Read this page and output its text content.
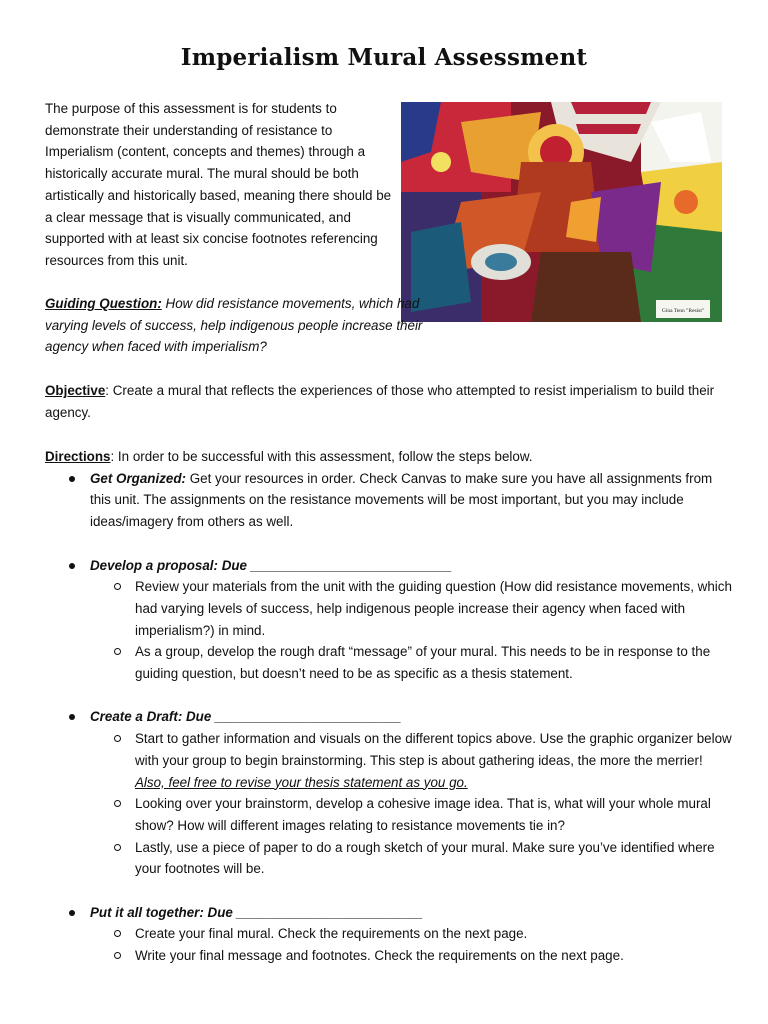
Imperialism Mural Assessment

The purpose of this assessment is for students to demonstrate their understanding of resistance to Imperialism (content, concepts and themes) through a historically accurate mural. The mural should be both artistically and historically based, meaning there should be a clear message that is visually communicated, and supported with at least six concise footnotes referencing resources from this unit.

Gina Tenn "Resist"

Guiding Question: How did resistance movements, which had varying levels of success, help indigenous people increase their agency when faced with imperialism?

Objective: Create a mural that reflects the experiences of those who attempted to resist imperialism to build their agency.

Directions: In order to be successful with this assessment, follow the steps below.
Get Organized: Get your resources in order. Check Canvas to make sure you have all assignments from this unit. The assignments on the resistance movements will be most important, but you may include ideas/imagery from others as well.
Develop a proposal: Due ___________________________
Review your materials from the unit with the guiding question (How did resistance movements, which had varying levels of success, help indigenous people increase their agency when faced with imperialism?) in mind.
As a group, develop the rough draft “message” of your mural. This needs to be in response to the guiding question, but doesn’t need to be as specific as a thesis statement.
Create a Draft: Due _________________________
Start to gather information and visuals on the different topics above. Use the graphic organizer below with your group to begin brainstorming. This step is about gathering ideas, the more the merrier! Also, feel free to revise your thesis statement as you go.
Looking over your brainstorm, develop a cohesive image idea. That is, what will your whole mural show? How will different images relating to resistance movements tie in?
Lastly, use a piece of paper to do a rough sketch of your mural. Make sure you’ve identified where your footnotes will be.
Put it all together: Due _________________________
Create your final mural. Check the requirements on the next page.
Write your final message and footnotes. Check the requirements on the next page.
